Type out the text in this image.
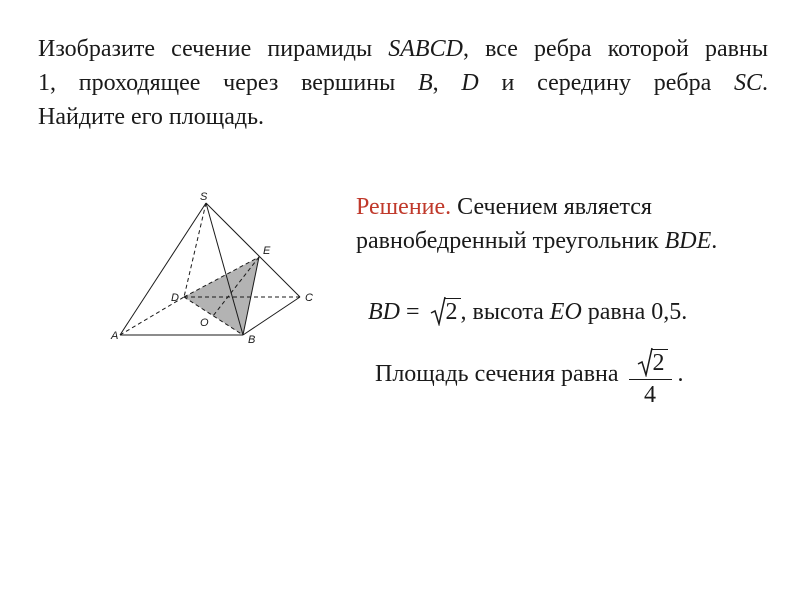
Изобразите сечение пирамиды SABCD, все ребра которой равны
1, проходящее через вершины B, D и середину ребра SC.
Найдите его площадь.
S
E
D	C
O
A	B
Решение. Сечением является
равнобедренный треугольник BDE.
BD =
2 , высота EO равна 0,5.
Площадь сечения равна $\frac{2}{4}$ .
